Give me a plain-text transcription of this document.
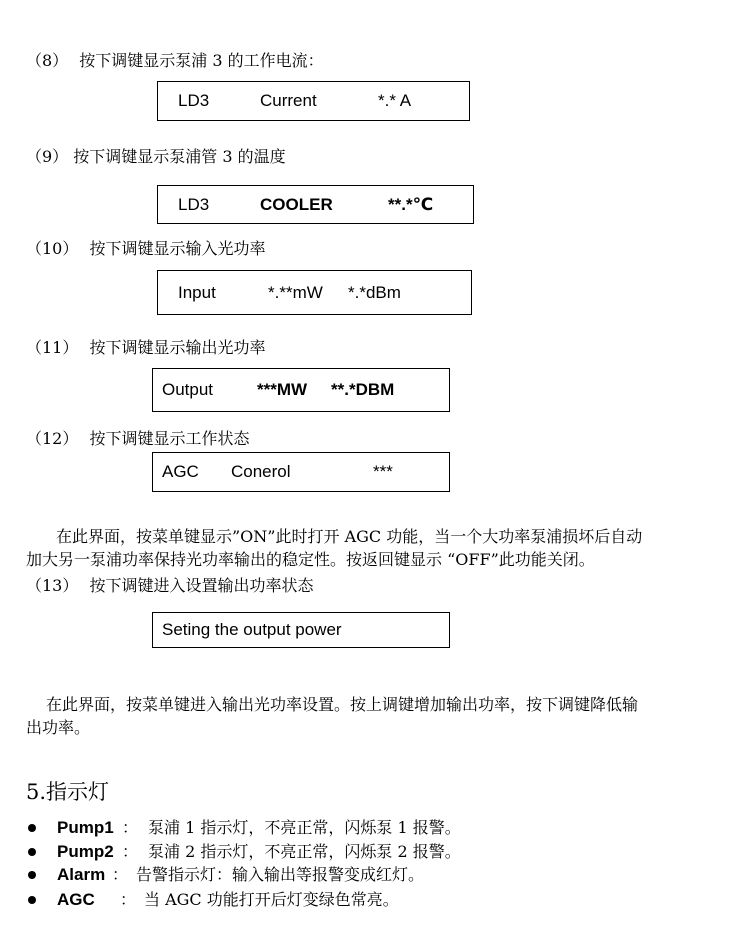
（8） 按下调键显示泵浦 3 的工作电流：
LD3	Current	*.* A
（9） 按下调键显示泵浦管 3 的温度
LD3	COOLER	**.*℃
（10） 按下调键显示输入光功率
Input	*.**mW *.*dBm
（11） 按下调键显示输出光功率
Output	***MW **.*DBM
（12） 按下调键显示工作状态
AGC Conerol	***
在此界面，按菜单键显示”ON”此时打开 AGC 功能，当一个大功率泵浦损坏后自动
加大另一泵浦功率保持光功率输出的稳定性。按返回键显示 “OFF”此功能关闭。
（13） 按下调键进入设置输出功率状态
Seting the output power
在此界面，按菜单键进入输出光功率设置。按上调键增加输出功率，按下调键降低输
出功率。
5.指示灯
Pump1 ： 泵浦 1 指示灯，不亮正常，闪烁泵 1 报警。
Pump2 ： 泵浦 2 指示灯，不亮正常，闪烁泵 2 报警。
Alarm ： 告警指示灯：输入输出等报警变成红灯。
AGC ： 当 AGC 功能打开后灯变绿色常亮。
